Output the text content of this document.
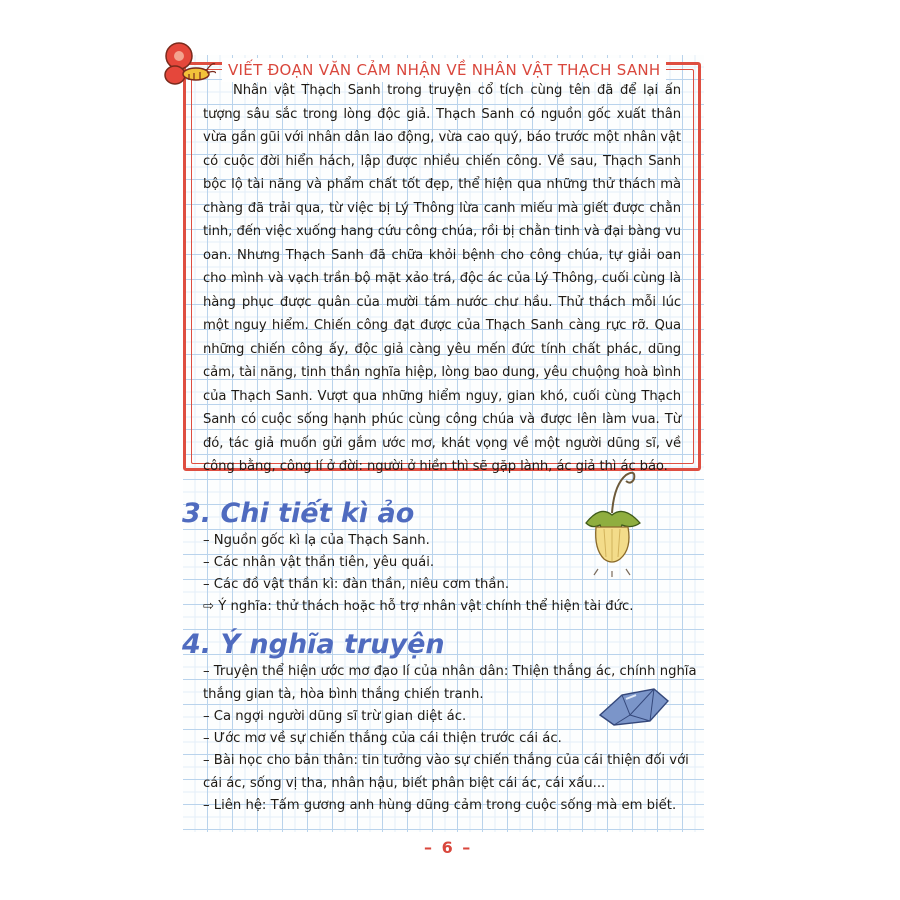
VIẾT ĐOẠN VĂN CẢM NHẬN VỀ NHÂN VẬT THẠCH SANH

Nhân vật Thạch Sanh trong truyện cổ tích cùng tên đã để lại ấn tượng sâu sắc trong lòng độc giả. Thạch Sanh có nguồn gốc xuất thân vừa gần gũi với nhân dân lao động, vừa cao quý, báo trước một nhân vật có cuộc đời hiển hách, lập được nhiều chiến công. Về sau, Thạch Sanh bộc lộ tài năng và phẩm chất tốt đẹp, thể hiện qua những thử thách mà chàng đã trải qua, từ việc bị Lý Thông lừa canh miếu mà giết được chằn tinh, đến việc xuống hang cứu công chúa, rồi bị chằn tinh và đại bàng vu oan. Nhưng Thạch Sanh đã chữa khỏi bệnh cho công chúa, tự giải oan cho mình và vạch trần bộ mặt xảo trá, độc ác của Lý Thông, cuối cùng là hàng phục được quân của mười tám nước chư hầu. Thử thách mỗi lúc một nguy hiểm. Chiến công đạt được của Thạch Sanh càng rực rỡ. Qua những chiến công ấy, độc giả càng yêu mến đức tính chất phác, dũng cảm, tài năng, tinh thần nghĩa hiệp, lòng bao dung, yêu chuộng hoà bình của Thạch Sanh. Vượt qua những hiểm nguy, gian khó, cuối cùng Thạch Sanh có cuộc sống hạnh phúc cùng công chúa và được lên làm vua. Từ đó, tác giả muốn gửi gắm ước mơ, khát vọng về một người dũng sĩ, về công bằng, công lí ở đời: người ở hiền thì sẽ gặp lành, ác giả thì ác báo.

3. Chi tiết kì ảo
– Nguồn gốc kì lạ của Thạch Sanh.
– Các nhân vật thần tiên, yêu quái.
– Các đồ vật thần kì: đàn thần, niêu cơm thần.
⇨ Ý nghĩa: thử thách hoặc hỗ trợ nhân vật chính thể hiện tài đức.
4. Ý nghĩa truyện
– Truyện thể hiện ước mơ đạo lí của nhân dân: Thiện thắng ác, chính nghĩa thắng gian tà, hòa bình thắng chiến tranh.
– Ca ngợi người dũng sĩ trừ gian diệt ác.
– Ước mơ về sự chiến thắng của cái thiện trước cái ác.
– Bài học cho bản thân: tin tưởng vào sự chiến thắng của cái thiện đối với cái ác, sống vị tha, nhân hậu, biết phân biệt cái ác, cái xấu...
– Liên hệ: Tấm gương anh hùng dũng cảm trong cuộc sống mà em biết.
– 6 –
